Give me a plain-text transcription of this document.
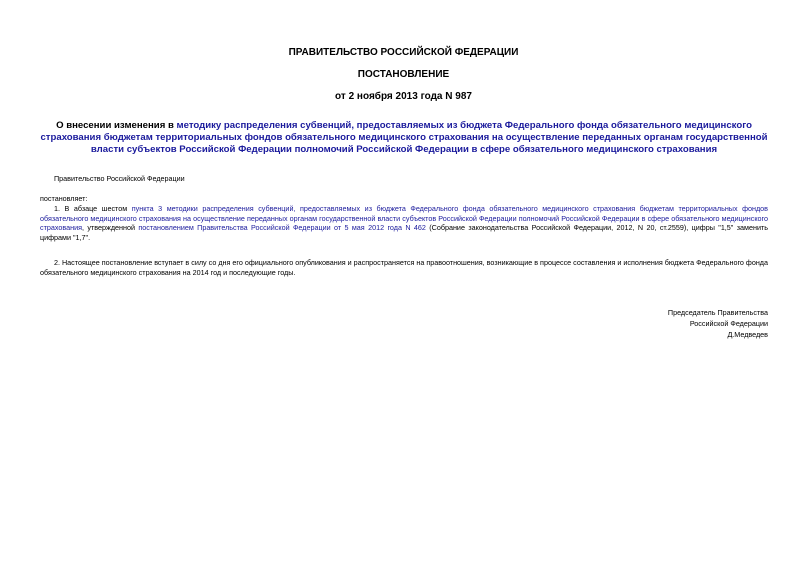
ПРАВИТЕЛЬСТВО РОССИЙСКОЙ ФЕДЕРАЦИИ
ПОСТАНОВЛЕНИЕ
от 2 ноября 2013 года N 987
О внесении изменения в методику распределения субвенций, предоставляемых из бюджета Федерального фонда обязательного медицинского страхования бюджетам территориальных фондов обязательного медицинского страхования на осуществление переданных органам государственной власти субъектов Российской Федерации полномочий Российской Федерации в сфере обязательного медицинского страхования
Правительство Российской Федерации
постановляет:
1. В абзаце шестом пункта 3 методики распределения субвенций, предоставляемых из бюджета Федерального фонда обязательного медицинского страхования бюджетам территориальных фондов обязательного медицинского страхования на осуществление переданных органам государственной власти субъектов Российской Федерации полномочий Российской Федерации в сфере обязательного медицинского страхования, утвержденной постановлением Правительства Российской Федерации от 5 мая 2012 года N 462 (Собрание законодательства Российской Федерации, 2012, N 20, ст.2559), цифры "1,5" заменить цифрами "1,7".
2. Настоящее постановление вступает в силу со дня его официального опубликования и распространяется на правоотношения, возникающие в процессе составления и исполнения бюджета Федерального фонда обязательного медицинского страхования на 2014 год и последующие годы.
Председатель Правительства
Российской Федерации
Д.Медведев
